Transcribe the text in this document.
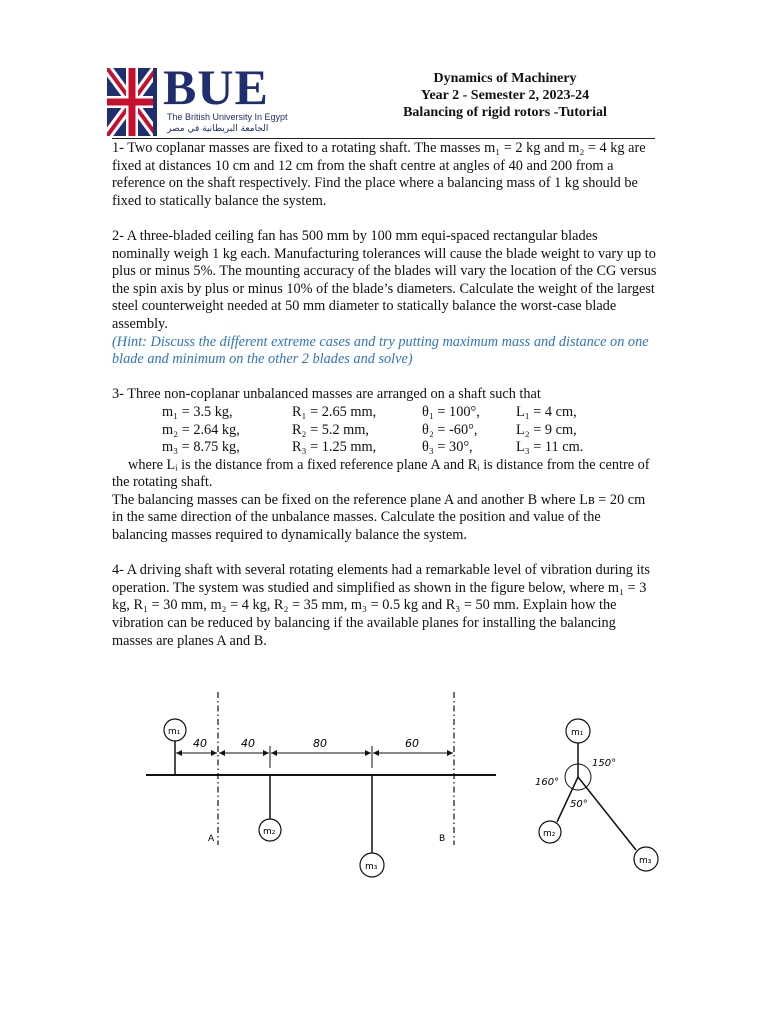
BUE
The British University In Egypt
الجامعة البريطانية في مصر
Dynamics of Machinery
Year 2 - Semester 2, 2023-24
Balancing of rigid rotors -Tutorial

1- Two coplanar masses are fixed to a rotating shaft. The masses m₁ = 2 kg and m₂ = 4 kg are fixed at distances 10 cm and 12 cm from the shaft centre at angles of 40 and 200 from a reference on the shaft respectively. Find the place where a balancing mass of 1 kg should be fixed to statically balance the system.

2- A three-bladed ceiling fan has 500 mm by 100 mm equi-spaced rectangular blades nominally weigh 1 kg each. Manufacturing tolerances will cause the blade weight to vary up to plus or minus 5%. The mounting accuracy of the blades will vary the location of the CG versus the spin axis by plus or minus 10% of the blade’s diameters. Calculate the weight of the largest steel counterweight needed at 50 mm diameter to statically balance the worst-case blade assembly.

(Hint: Discuss the different extreme cases and try putting maximum mass and distance on one blade and minimum on the other 2 blades and solve)

3- Three non-coplanar unbalanced masses are arranged on a shaft such that

m₁ = 3.5 kg,	R₁ = 2.65 mm,	θ₁ = 100°,	L₁ = 4 cm,
m₂ = 2.64 kg,	R₂ = 5.2 mm,	θ₂ = -60°,	L₂ = 9 cm,
m₃ = 8.75 kg,	R₃ = 1.25 mm,	θ₃ = 30°,	L₃ = 11 cm.

where Lᵢ is the distance from a fixed reference plane A and Rᵢ is distance from the centre of the rotating shaft.

The balancing masses can be fixed on the reference plane A and another B where Lʙ = 20 cm in the same direction of the unbalance masses. Calculate the position and value of the balancing masses required to dynamically balance the system.

4- A driving shaft with several rotating elements had a remarkable level of vibration during its operation. The system was studied and simplified as shown in the figure below, where m₁ = 3 kg, R₁ = 30 mm, m₂ = 4 kg, R₂ = 35 mm, m₃ = 0.5 kg and R₃ = 50 mm. Explain how the vibration can be reduced by balancing if the available planes for installing the balancing masses are planes A and B.

A	B
40	40	80	60
m₁
m₂
m₃
m₁
m₂
m₃
150°
160°
50°
